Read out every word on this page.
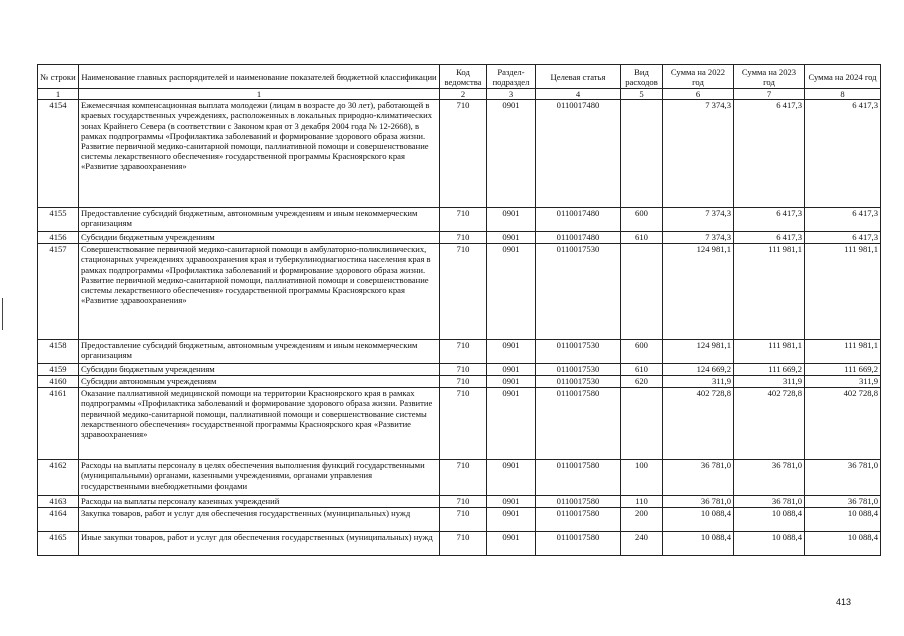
№ строки	Наименование главных распорядителей и наименование показателей бюджетной классификации	Код ведомства	Раздел-подраздел	Целевая статья	Вид расходов	Сумма на 2022 год	Сумма на 2023 год	Сумма на 2024 год
1	1	2	3	4	5	6	7	8
4154	Ежемесячная компенсационная выплата молодежи (лицам в возрасте до 30 лет), работающей в краевых государственных учреждениях, расположенных в локальных природно-климатических зонах Крайнего Севера (в соответствии с Законом края от 3 декабря 2004 года № 12-2668), в рамках подпрограммы «Профилактика заболеваний и формирование здорового образа жизни. Развитие первичной медико-санитарной помощи, паллиативной помощи и совершенствование системы лекарственного обеспечения» государственной программы Красноярского края «Развитие здравоохранения»	710	0901	0110017480		7 374,3	6 417,3	6 417,3
4155	Предоставление субсидий бюджетным, автономным учреждениям и иным некоммерческим организациям	710	0901	0110017480	600	7 374,3	6 417,3	6 417,3
4156	Субсидии бюджетным учреждениям	710	0901	0110017480	610	7 374,3	6 417,3	6 417,3
4157	Совершенствование первичной медико-санитарной помощи в амбулаторно-поликлинических, стационарных учреждениях здравоохранения края и туберкулинодиагностика населения края в рамках подпрограммы «Профилактика заболеваний и формирование здорового образа жизни. Развитие первичной медико-санитарной помощи, паллиативной помощи и совершенствование системы лекарственного обеспечения» государственной программы Красноярского края «Развитие здравоохранения»	710	0901	0110017530		124 981,1	111 981,1	111 981,1
4158	Предоставление субсидий бюджетным, автономным учреждениям и иным некоммерческим организациям	710	0901	0110017530	600	124 981,1	111 981,1	111 981,1
4159	Субсидии бюджетным учреждениям	710	0901	0110017530	610	124 669,2	111 669,2	111 669,2
4160	Субсидии автономным учреждениям	710	0901	0110017530	620	311,9	311,9	311,9
4161	Оказание паллиативной медицинской помощи на территории Красноярского края в рамках подпрограммы «Профилактика заболеваний и формирование здорового образа жизни. Развитие первичной медико-санитарной помощи, паллиативной помощи и совершенствование системы лекарственного обеспечения» государственной программы Красноярского края «Развитие здравоохранения»	710	0901	0110017580		402 728,8	402 728,8	402 728,8
4162	Расходы на выплаты персоналу в целях обеспечения выполнения функций государственными (муниципальными) органами, казенными учреждениями, органами управления государственными внебюджетными фондами	710	0901	0110017580	100	36 781,0	36 781,0	36 781,0
4163	Расходы на выплаты персоналу казенных учреждений	710	0901	0110017580	110	36 781,0	36 781,0	36 781,0
4164	Закупка товаров, работ и услуг для обеспечения государственных (муниципальных) нужд	710	0901	0110017580	200	10 088,4	10 088,4	10 088,4
4165	Иные закупки товаров, работ и услуг для обеспечения государственных (муниципальных) нужд	710	0901	0110017580	240	10 088,4	10 088,4	10 088,4
413
